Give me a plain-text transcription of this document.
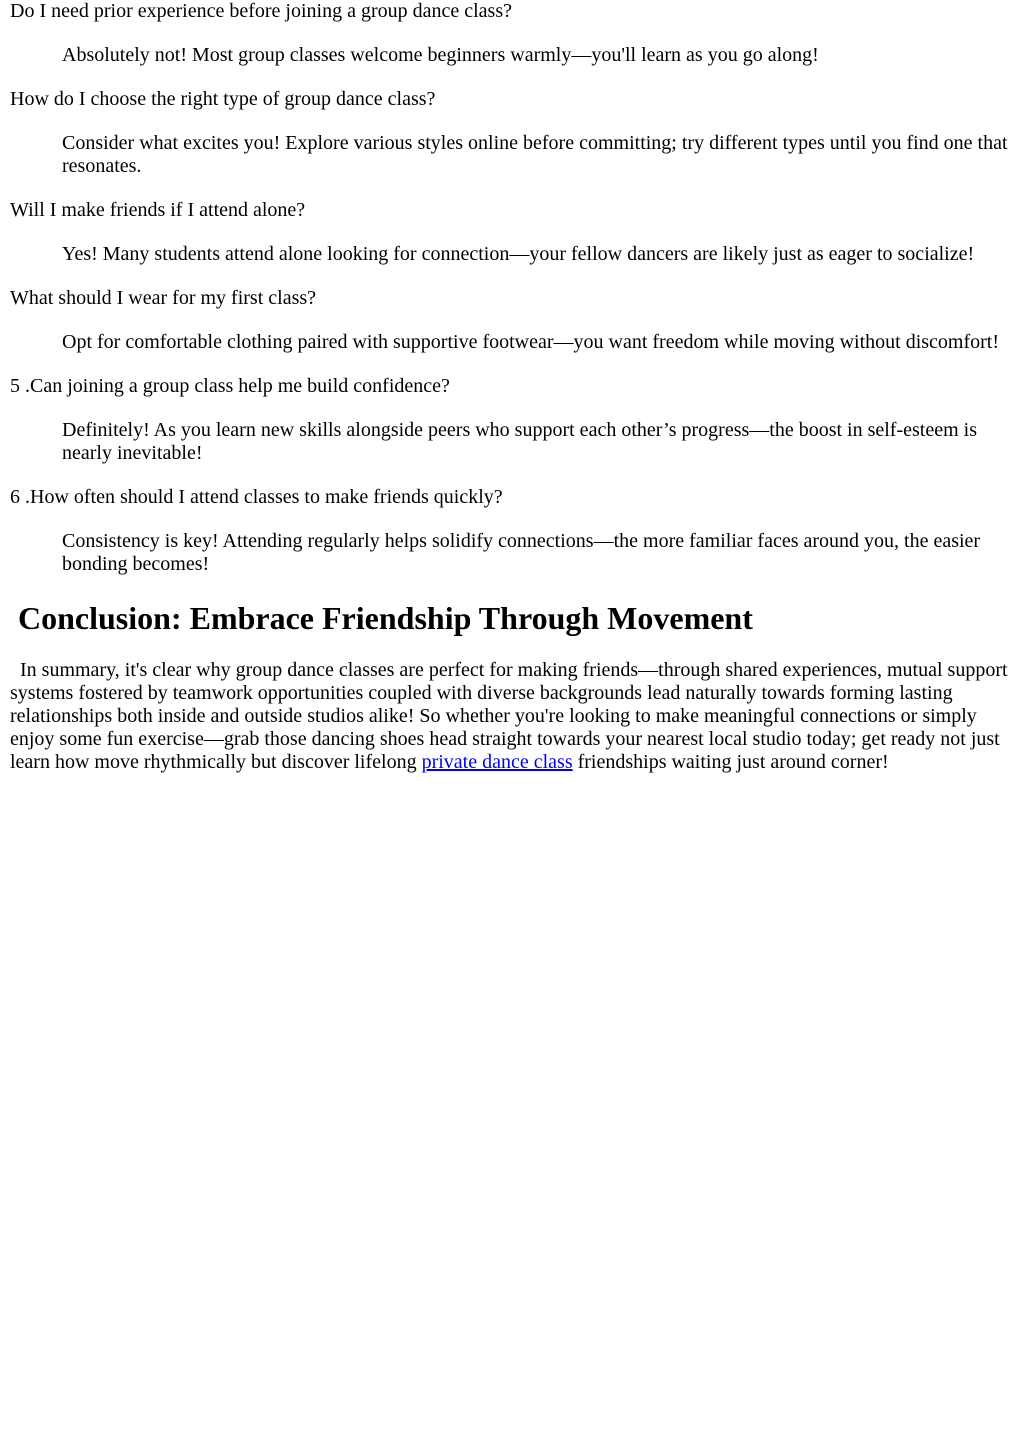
Do I need prior experience before joining a group dance class?

Absolutely not! Most group classes welcome beginners warmly—you'll learn as you go along!

How do I choose the right type of group dance class?

Consider what excites you! Explore various styles online before committing; try different types until you find one that resonates.

Will I make friends if I attend alone?

Yes! Many students attend alone looking for connection—your fellow dancers are likely just as eager to socialize!

What should I wear for my first class?

Opt for comfortable clothing paired with supportive footwear—you want freedom while moving without discomfort!

5 .Can joining a group class help me build confidence?

Definitely! As you learn new skills alongside peers who support each other’s progress—the boost in self-esteem is nearly inevitable!

6 .How often should I attend classes to make friends quickly?

Consistency is key! Attending regularly helps solidify connections—the more familiar faces around you, the easier bonding becomes!

Conclusion: Embrace Friendship Through Movement

In summary, it's clear why group dance classes are perfect for making friends—through shared experiences, mutual support systems fostered by teamwork opportunities coupled with diverse backgrounds lead naturally towards forming lasting relationships both inside and outside studios alike! So whether you're looking to make meaningful connections or simply enjoy some fun exercise—grab those dancing shoes head straight towards your nearest local studio today; get ready not just learn how move rhythmically but discover lifelong private dance class friendships waiting just around corner!
